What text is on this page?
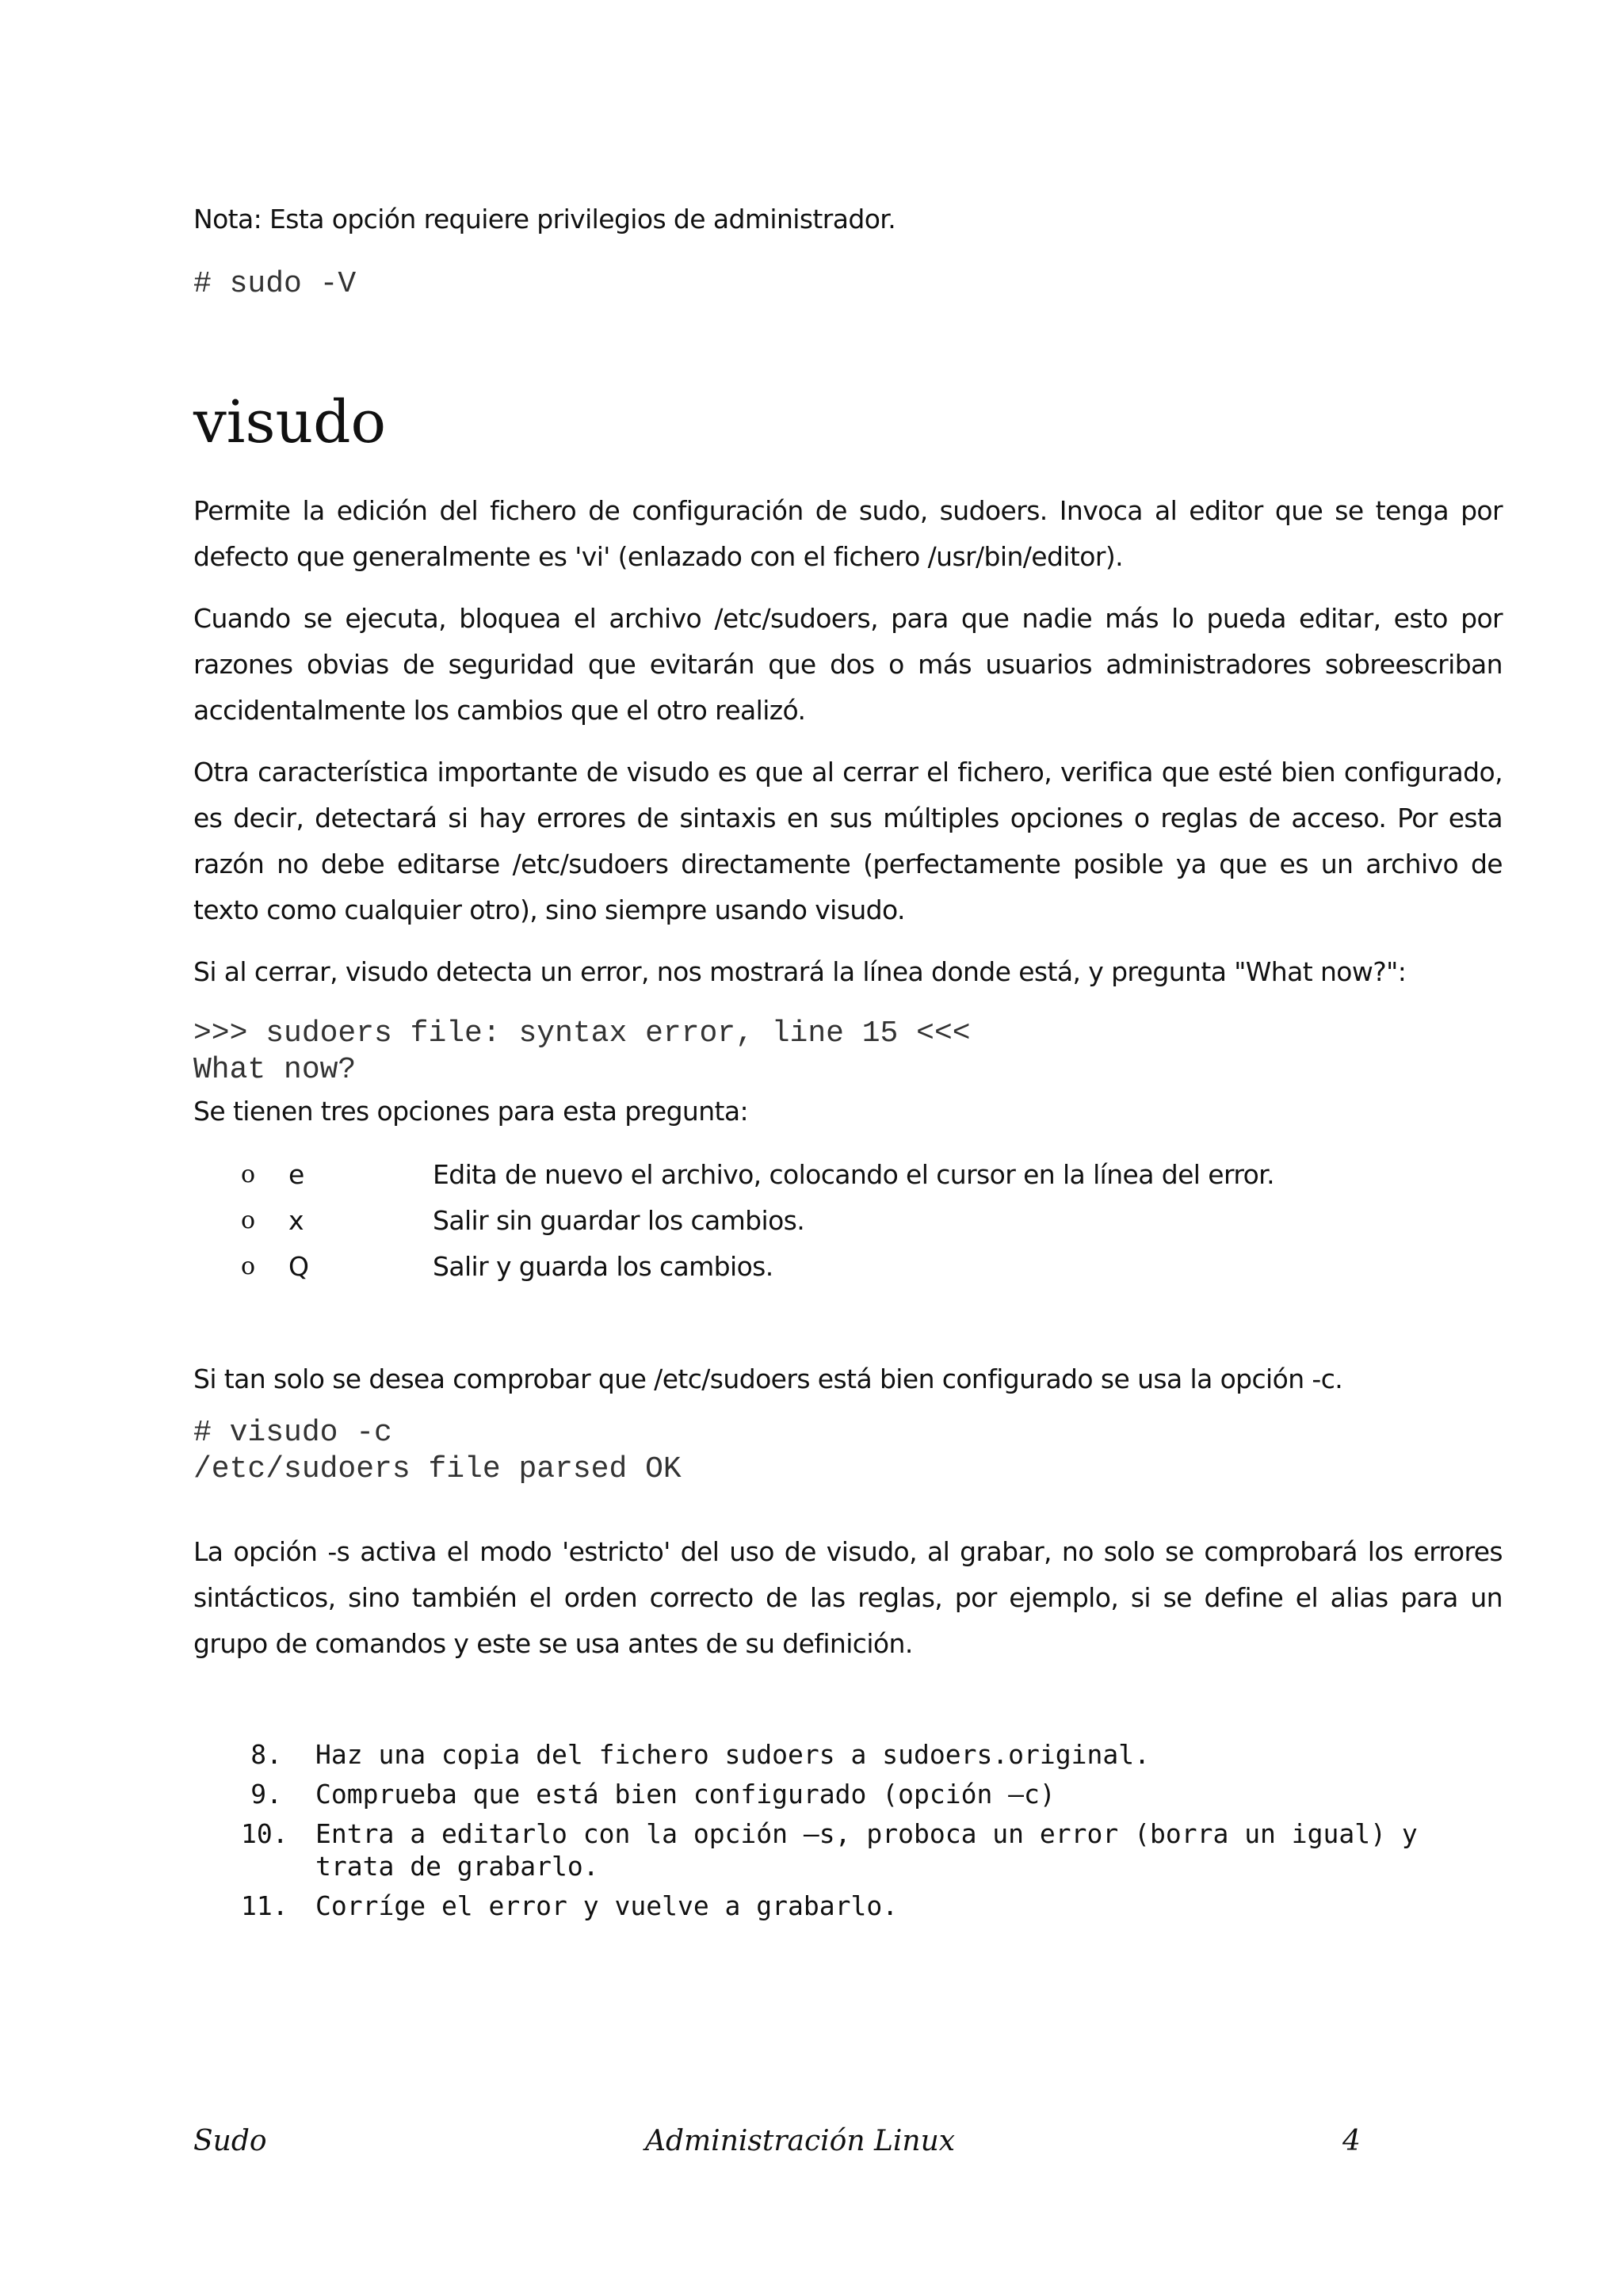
Nota: Esta opción requiere privilegios de administrador.

# sudo -V

visudo

Permite la edición del fichero de configuración de sudo, sudoers. Invoca al editor que se tenga por defecto que generalmente es 'vi' (enlazado con el fichero /usr/bin/editor).

Cuando se ejecuta, bloquea el archivo /etc/sudoers, para que nadie más lo pueda editar, esto por razones obvias de seguridad que evitarán que dos o más usuarios administradores sobreescriban accidentalmente los cambios que el otro realizó.

Otra característica importante de visudo es que al cerrar el fichero, verifica que esté bien configurado, es decir, detectará si hay errores de sintaxis en sus múltiples opciones o reglas de acceso. Por esta razón no debe editarse /etc/sudoers directamente (perfectamente posible ya que es un archivo de texto como cualquier otro), sino siempre usando visudo.

Si al cerrar, visudo detecta un error, nos mostrará la línea donde está, y pregunta "What now?":

>>> sudoers file: syntax error, line 15 <<<

What now?

Se tienen tres opciones para esta pregunta:

o e	Edita de nuevo el archivo, colocando el cursor en la línea del error.
o x	Salir sin guardar los cambios.
o Q	Salir y guarda los cambios.

Si tan solo se desea comprobar que /etc/sudoers está bien configurado se usa la opción -c.

# visudo -c

/etc/sudoers file parsed OK

La opción -s activa el modo 'estricto' del uso de visudo, al grabar, no solo se comprobará los errores sintácticos, sino también el orden correcto de las reglas, por ejemplo, si se define el alias para un grupo de comandos y este se usa antes de su definición.

8. Haz una copia del fichero sudoers a sudoers.original.
9. Comprueba que está bien configurado (opción –c)
10. Entra a editarlo con la opción –s, proboca un error (borra un igual) y trata de grabarlo.
11. Corríge el error y vuelve a grabarlo.
Sudo	Administración Linux	4
